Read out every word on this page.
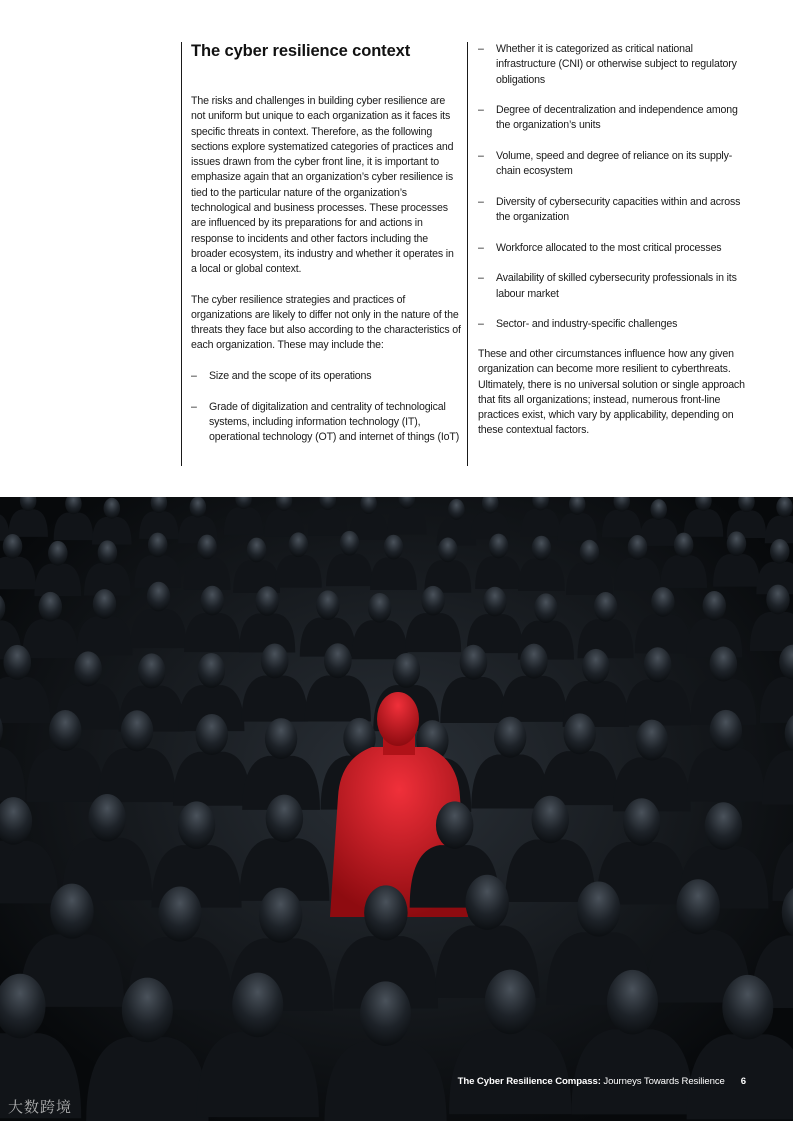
The cyber resilience context

The risks and challenges in building cyber resilience are not uniform but unique to each organization as it faces its specific threats in context. Therefore, as the following sections explore systematized categories of practices and issues drawn from the cyber front line, it is important to emphasize again that an organization’s cyber resilience is tied to the particular nature of the organization’s technological and business processes. These processes are influenced by its preparations for and actions in response to incidents and other factors including the broader ecosystem, its industry and whether it operates in a local or global context.

The cyber resilience strategies and practices of organizations are likely to differ not only in the nature of the threats they face but also according to the characteristics of each organization. These may include the:

– Size and the scope of its operations
– Grade of digitalization and centrality of technological systems, including information technology (IT), operational technology (OT) and internet of things (IoT)
– Whether it is categorized as critical national infrastructure (CNI) or otherwise subject to regulatory obligations
– Degree of decentralization and independence among the organization’s units
– Volume, speed and degree of reliance on its supply-chain ecosystem
– Diversity of cybersecurity capacities within and across the organization
– Workforce allocated to the most critical processes
– Availability of skilled cybersecurity professionals in its labour market
– Sector- and industry-specific challenges

These and other circumstances influence how any given organization can become more resilient to cyberthreats. Ultimately, there is no universal solution or single approach that fits all organizations; instead, numerous front-line practices exist, which vary by applicability, depending on these contextual factors.

The Cyber Resilience Compass: Journeys Towards Resilience 6
大数跨境
